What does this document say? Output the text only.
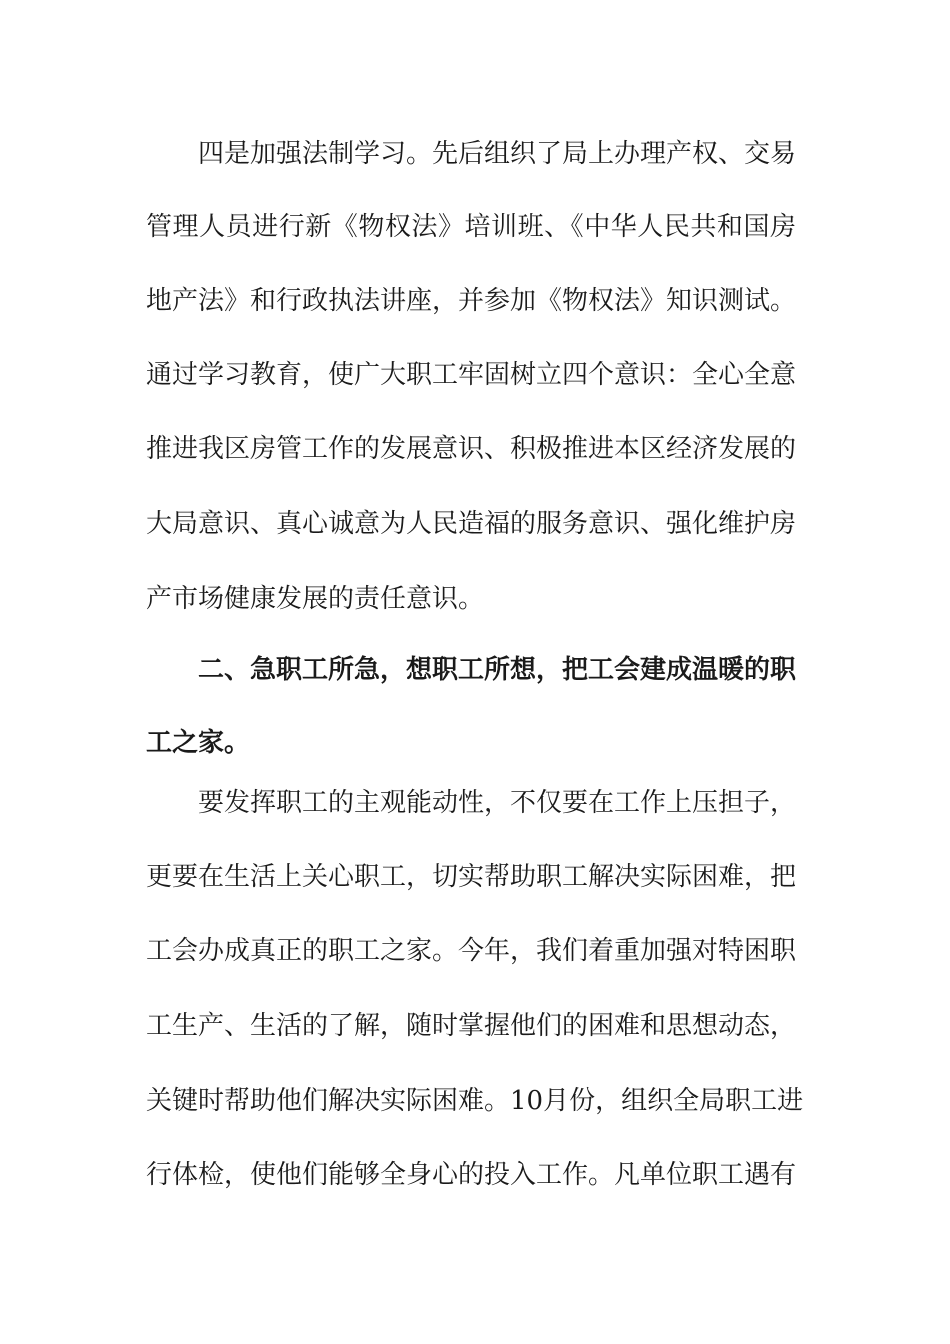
四是加强法制学习。先后组织了局上办理产权、交易
管理人员进行新《物权法》培训班、《中华人民共和国房
地产法》和行政执法讲座，并参加《物权法》知识测试。
通过学习教育，使广大职工牢固树立四个意识：全心全意
推进我区房管工作的发展意识、积极推进本区经济发展的
大局意识、真心诚意为人民造福的服务意识、强化维护房
产市场健康发展的责任意识。
二、急职工所急，想职工所想，把工会建成温暖的职
工之家。
要发挥职工的主观能动性，不仅要在工作上压担子，
更要在生活上关心职工，切实帮助职工解决实际困难，把
工会办成真正的职工之家。今年，我们着重加强对特困职
工生产、生活的了解，随时掌握他们的困难和思想动态，
关键时帮助他们解决实际困难。10月份，组织全局职工进
行体检，使他们能够全身心的投入工作。凡单位职工遇有
